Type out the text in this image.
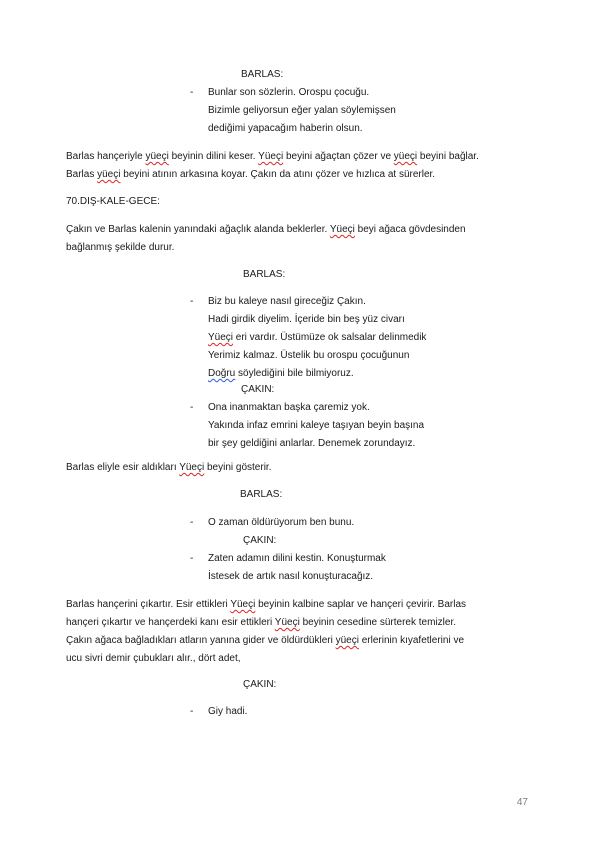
BARLAS:
- Bunlar son sözlerin. Orospu çocuğu.
Bizimle geliyorsun eğer yalan söylemişsen
dediğimi yapacağım haberin olsun.
Barlas hançeriyle yüeçi beyinin dilini keser. Yüeçi beyini ağaçtan çözer ve yüeçi beyini bağlar.
Barlas yüeçi beyini atının arkasına koyar. Çakın da atını çözer ve hızlıca at sürerler.
70.DIŞ-KALE-GECE:
Çakın ve Barlas kalenin yanındaki ağaçlık alanda beklerler. Yüeçi beyi ağaca gövdesinden
bağlanmış şekilde durur.
BARLAS:
- Biz bu kaleye nasıl gireceğiz Çakın.
Hadi girdik diyelim. İçeride bin beş yüz civarı
Yüeçi eri vardır. Üstümüze ok salsalar delinmedik
Yerimiz kalmaz. Üstelik bu orospu çocuğunun
Doğru söylediğini bile bilmiyoruz.
ÇAKIN:
- Ona inanmaktan başka çaremiz yok.
Yakında infaz emrini kaleye taşıyan beyin başına
bir şey geldiğini anlarlar. Denemek zorundayız.
Barlas eliyle esir aldıkları Yüeçi beyini gösterir.
BARLAS:
- O zaman öldürüyorum ben bunu.
ÇAKIN:
- Zaten adamın dilini kestin. Konuşturmak
İstesek de artık nasıl konuşturacağız.
Barlas hançerini çıkartır. Esir ettikleri Yüeçi beyinin kalbine saplar ve hançeri çevirir. Barlas
hançeri çıkartır ve hançerdeki kanı esir ettikleri Yüeçi beyinin cesedine sürterek temizler.
Çakın ağaca bağladıkları atların yanına gider ve öldürdükleri yüeçi erlerinin kıyafetlerini ve
ucu sivri demir çubukları alır., dört adet,
ÇAKIN:
- Giy hadi.
47
